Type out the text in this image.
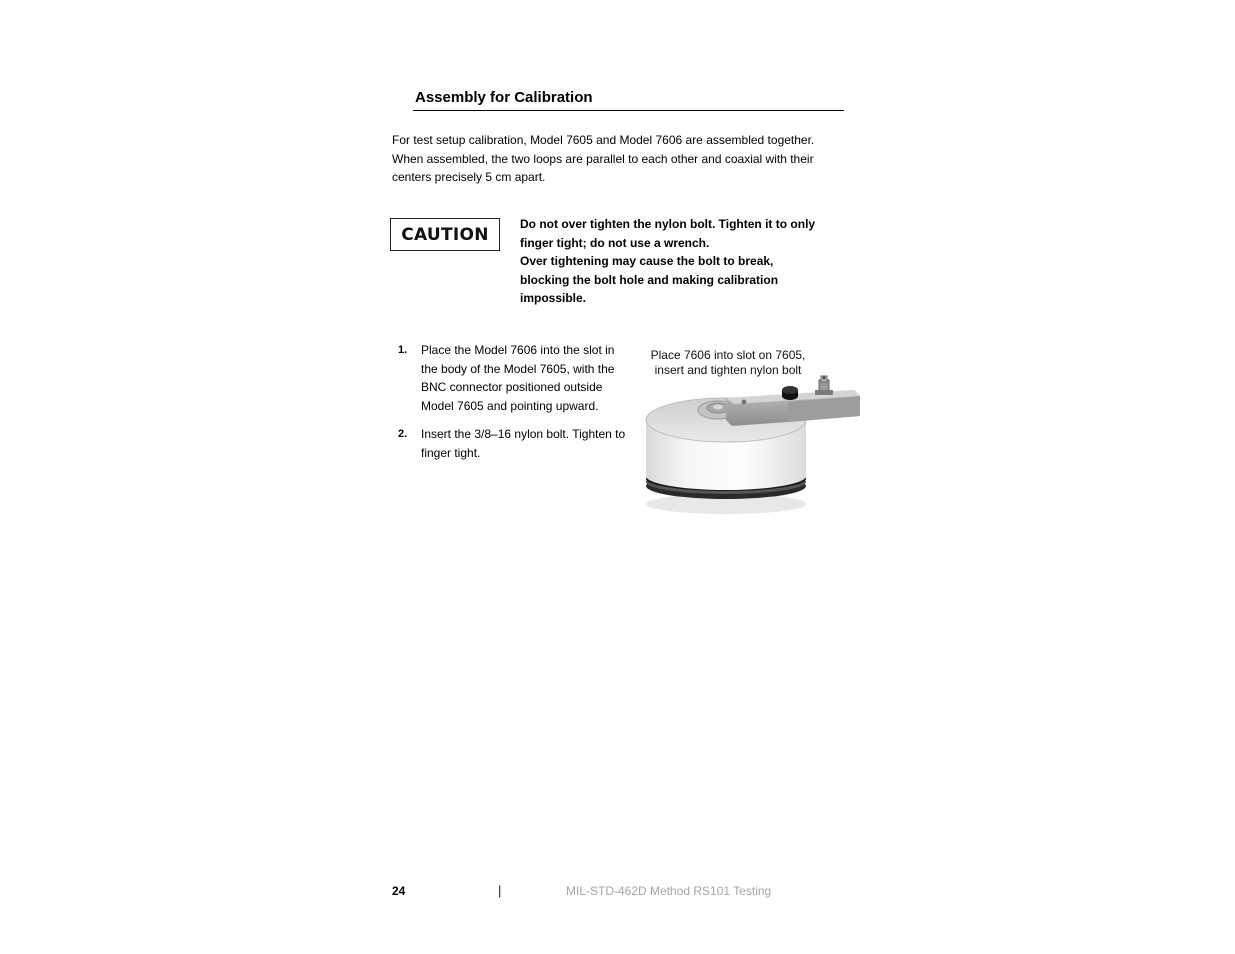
Assembly for Calibration

For test setup calibration, Model 7605 and Model 7606 are assembled together. When assembled, the two loops are parallel to each other and coaxial with their centers precisely 5 cm apart.

CAUTION
Do not over tighten the nylon bolt. Tighten it to only finger tight; do not use a wrench.
Over tightening may cause the bolt to break, blocking the bolt hole and making calibration impossible.
1. Place the Model 7606 into the slot in the body of the Model 7605, with the BNC connector positioned outside Model 7605 and pointing upward.
2. Insert the 3/8–16 nylon bolt. Tighten to finger tight.
Place 7606 into slot on 7605,
insert and tighten nylon bolt
24	|	MIL-STD-462D Method RS101 Testing
